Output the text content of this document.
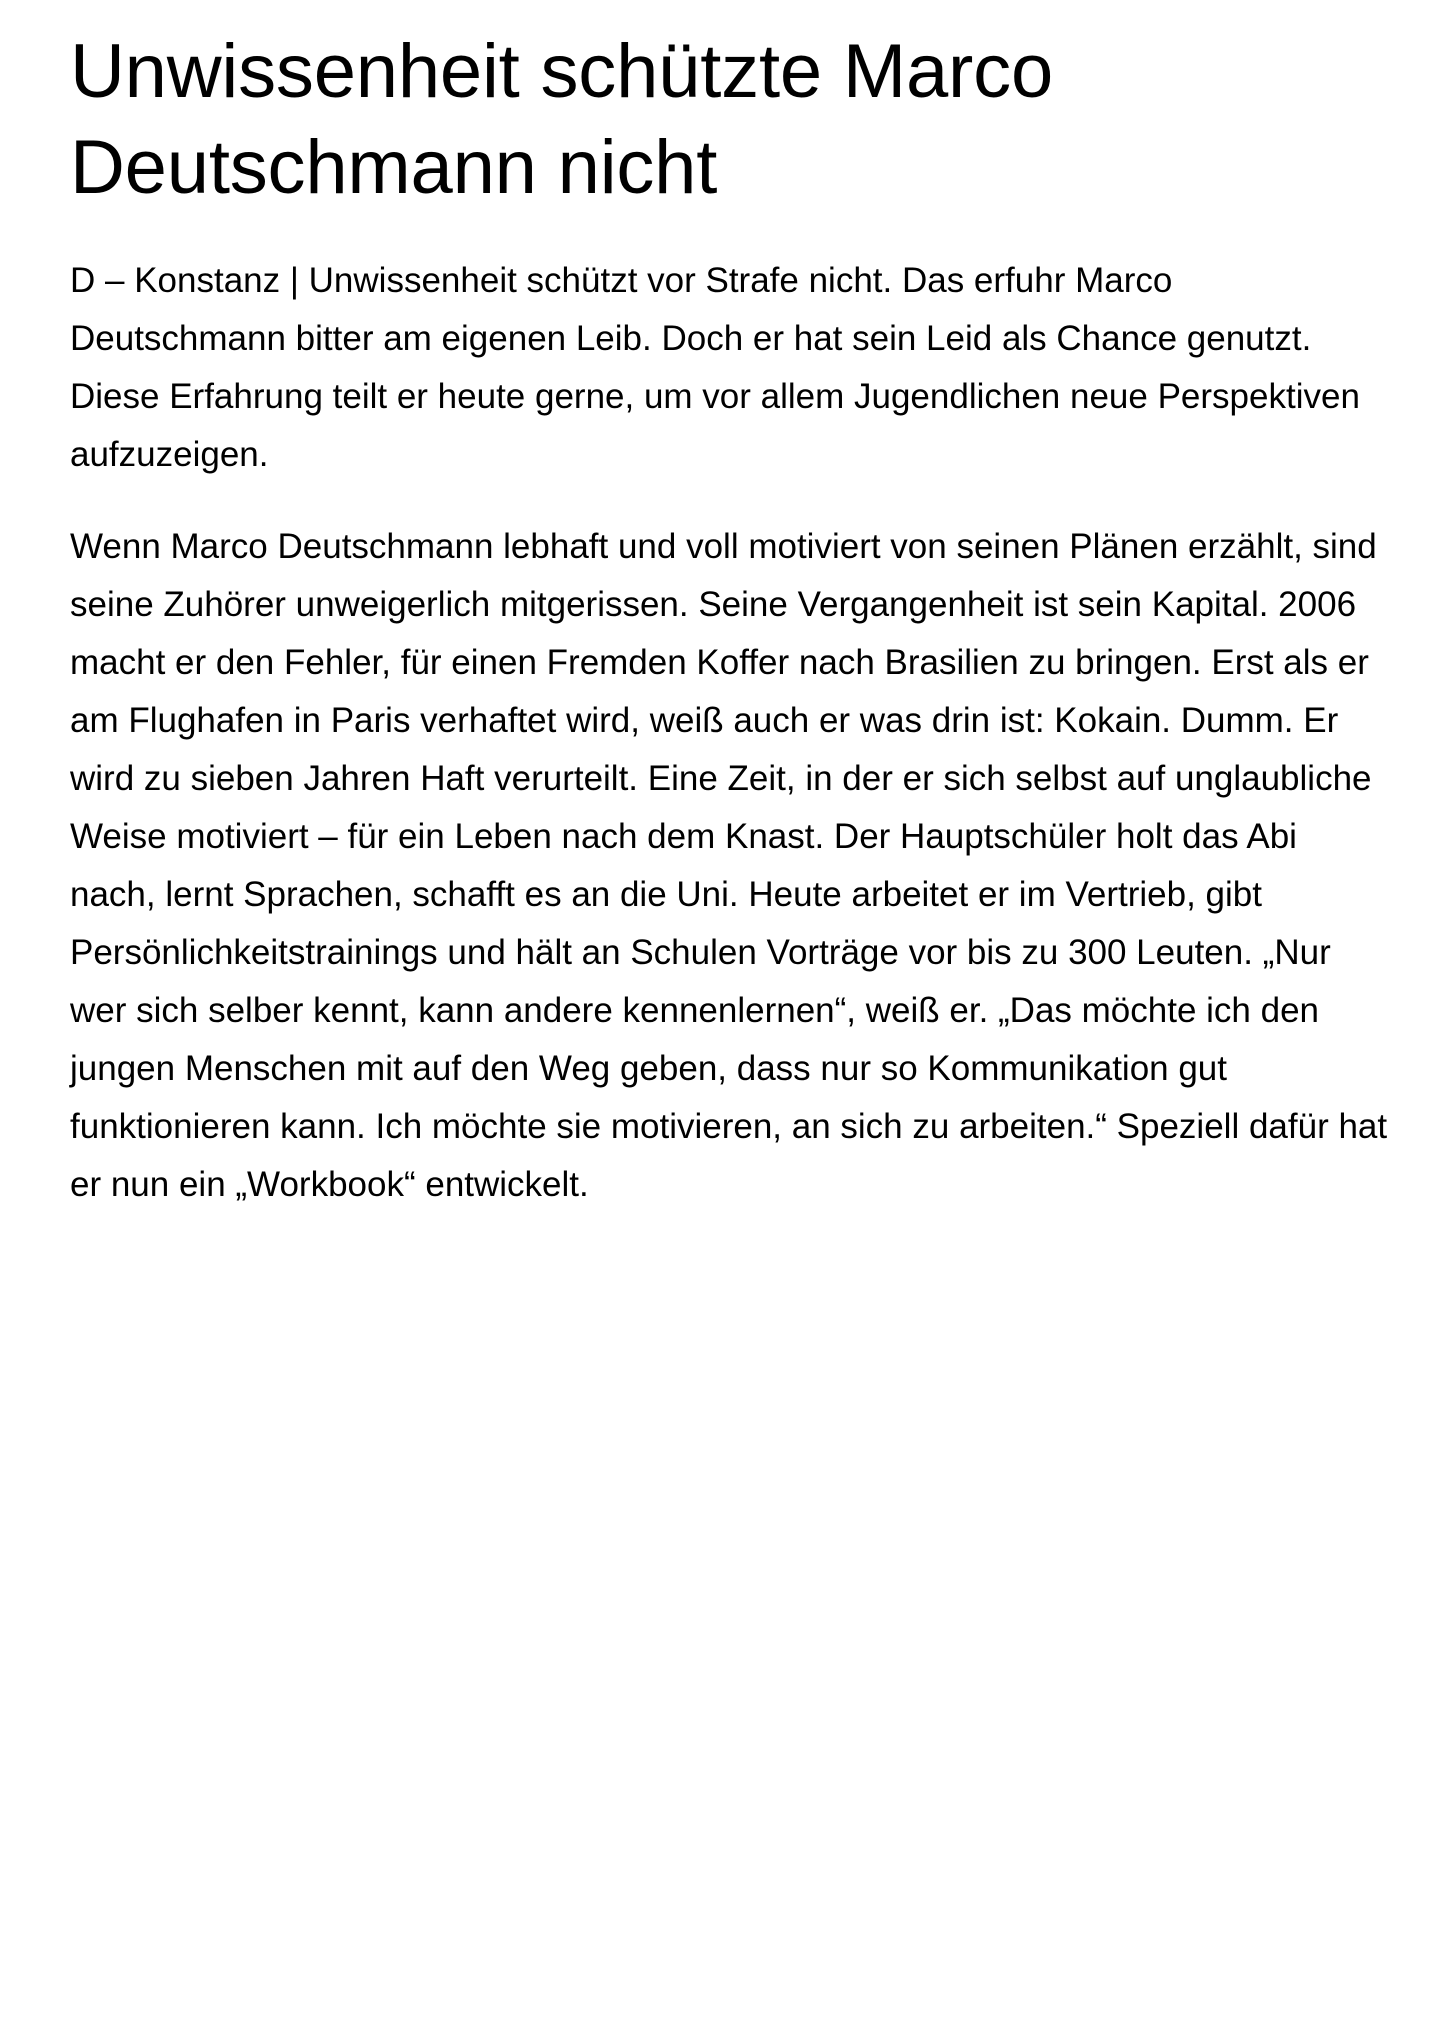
Unwissenheit schützte Marco Deutschmann nicht

D – Konstanz | Unwissenheit schützt vor Strafe nicht. Das erfuhr Marco Deutschmann bitter am eigenen Leib. Doch er hat sein Leid als Chance genutzt. Diese Erfahrung teilt er heute gerne, um vor allem Jugendlichen neue Perspektiven aufzuzeigen.

Wenn Marco Deutschmann lebhaft und voll motiviert von seinen Plänen erzählt, sind seine Zuhörer unweigerlich mitgerissen. Seine Vergangenheit ist sein Kapital. 2006 macht er den Fehler, für einen Fremden Koffer nach Brasilien zu bringen. Erst als er am Flughafen in Paris verhaftet wird, weiß auch er was drin ist: Kokain. Dumm. Er wird zu sieben Jahren Haft verurteilt. Eine Zeit, in der er sich selbst auf unglaubliche Weise motiviert – für ein Leben nach dem Knast. Der Hauptschüler holt das Abi nach, lernt Sprachen, schafft es an die Uni. Heute arbeitet er im Vertrieb, gibt Persönlichkeitstrainings und hält an Schulen Vorträge vor bis zu 300 Leuten. „Nur wer sich selber kennt, kann andere kennenlernen“, weiß er. „Das möchte ich den jungen Menschen mit auf den Weg geben, dass nur so Kommunikation gut funktionieren kann. Ich möchte sie motivieren, an sich zu arbeiten.“ Speziell dafür hat er nun ein „Workbook“ entwickelt.
